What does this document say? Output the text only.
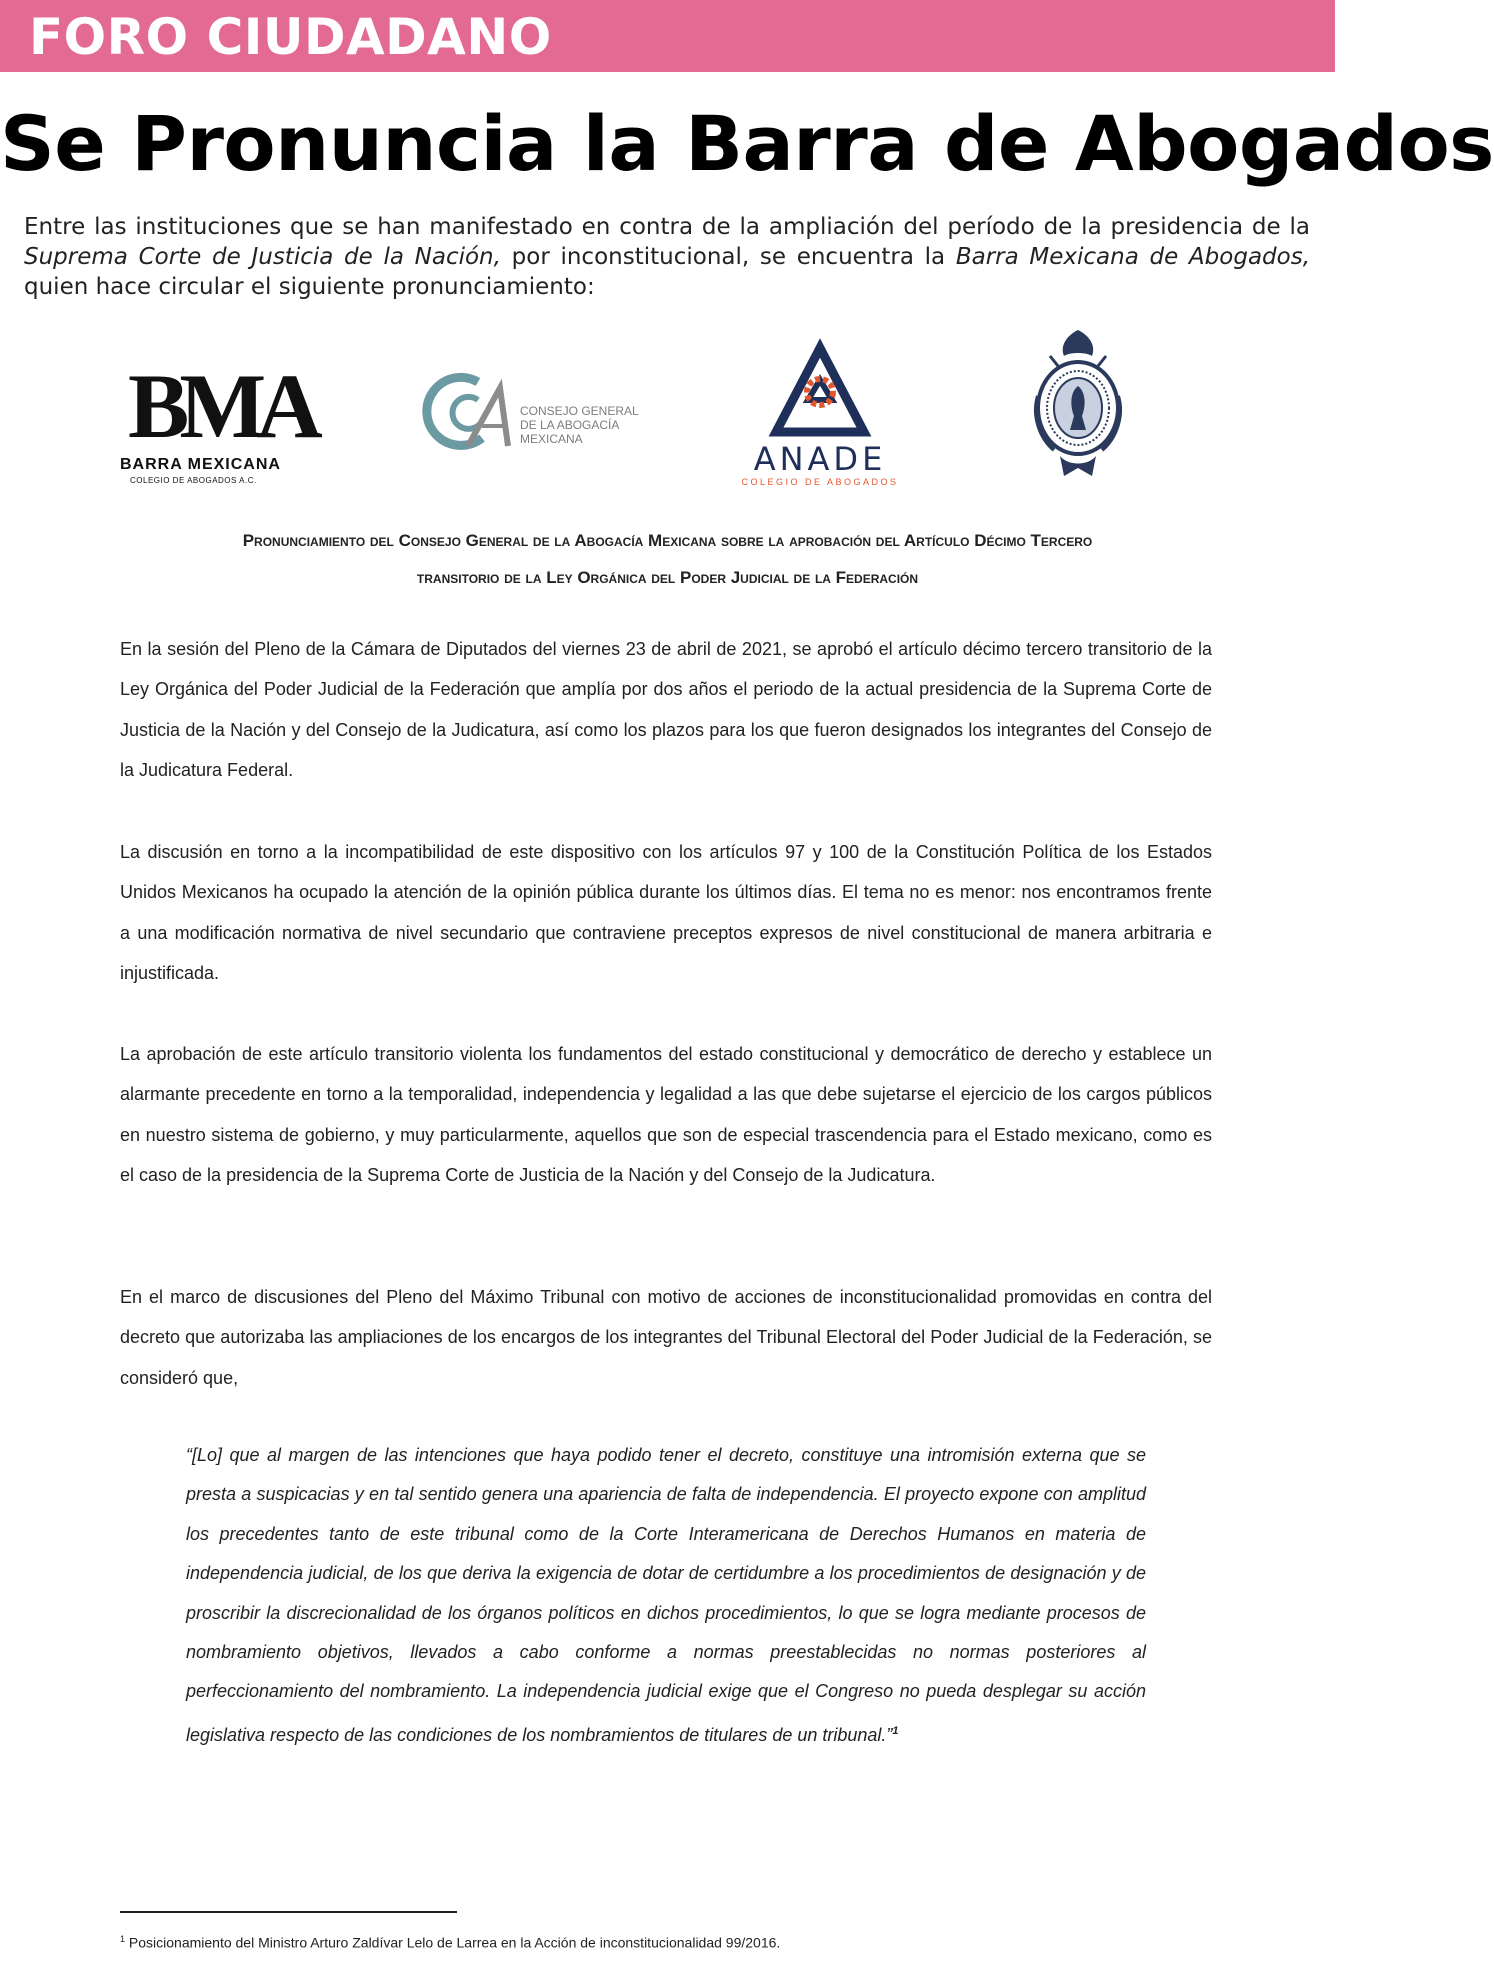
FORO CIUDADANO
Se Pronuncia la Barra de Abogados
Entre las instituciones que se han manifestado en contra de la ampliación del período de la presidencia de la Suprema Corte de Justicia de la Nación, por inconstitucional, se encuentra la Barra Mexicana de Abogados, quien hace circular el siguiente pronunciamiento:
BMA
BARRA MEXICANA
COLEGIO DE ABOGADOS A.C.
CONSEJO GENERAL
DE LA ABOGACÍA
MEXICANA
ANADE
COLEGIO DE ABOGADOS
Pronunciamiento del Consejo General de la Abogacía Mexicana sobre la aprobación del Artículo Décimo Tercero
transitorio de la Ley Orgánica del Poder Judicial de la Federación
En la sesión del Pleno de la Cámara de Diputados del viernes 23 de abril de 2021, se aprobó el artículo décimo tercero transitorio de la Ley Orgánica del Poder Judicial de la Federación que amplía por dos años el periodo de la actual presidencia de la Suprema Corte de Justicia de la Nación y del Consejo de la Judicatura, así como los plazos para los que fueron designados los integrantes del Consejo de la Judicatura Federal.
La discusión en torno a la incompatibilidad de este dispositivo con los artículos 97 y 100 de la Constitución Política de los Estados Unidos Mexicanos ha ocupado la atención de la opinión pública durante los últimos días. El tema no es menor: nos encontramos frente a una modificación normativa de nivel secundario que contraviene preceptos expresos de nivel constitucional de manera arbitraria e injustificada.
La aprobación de este artículo transitorio violenta los fundamentos del estado constitucional y democrático de derecho y establece un alarmante precedente en torno a la temporalidad, independencia y legalidad a las que debe sujetarse el ejercicio de los cargos públicos en nuestro sistema de gobierno, y muy particularmente, aquellos que son de especial trascendencia para el Estado mexicano, como es el caso de la presidencia de la Suprema Corte de Justicia de la Nación y del Consejo de la Judicatura.
En el marco de discusiones del Pleno del Máximo Tribunal con motivo de acciones de inconstitucionalidad promovidas en contra del decreto que autorizaba las ampliaciones de los encargos de los integrantes del Tribunal Electoral del Poder Judicial de la Federación, se consideró que,
“[Lo] que al margen de las intenciones que haya podido tener el decreto, constituye una intromisión externa que se presta a suspicacias y en tal sentido genera una apariencia de falta de independencia. El proyecto expone con amplitud los precedentes tanto de este tribunal como de la Corte Interamericana de Derechos Humanos en materia de independencia judicial, de los que deriva la exigencia de dotar de certidumbre a los procedimientos de designación y de proscribir la discrecionalidad de los órganos políticos en dichos procedimientos, lo que se logra mediante procesos de nombramiento objetivos, llevados a cabo conforme a normas preestablecidas no normas posteriores al perfeccionamiento del nombramiento. La independencia judicial exige que el Congreso no pueda desplegar su acción legislativa respecto de las condiciones de los nombramientos de titulares de un tribunal.”$^1$
$^1$ Posicionamiento del Ministro Arturo Zaldívar Lelo de Larrea en la Acción de inconstitucionalidad 99/2016.
